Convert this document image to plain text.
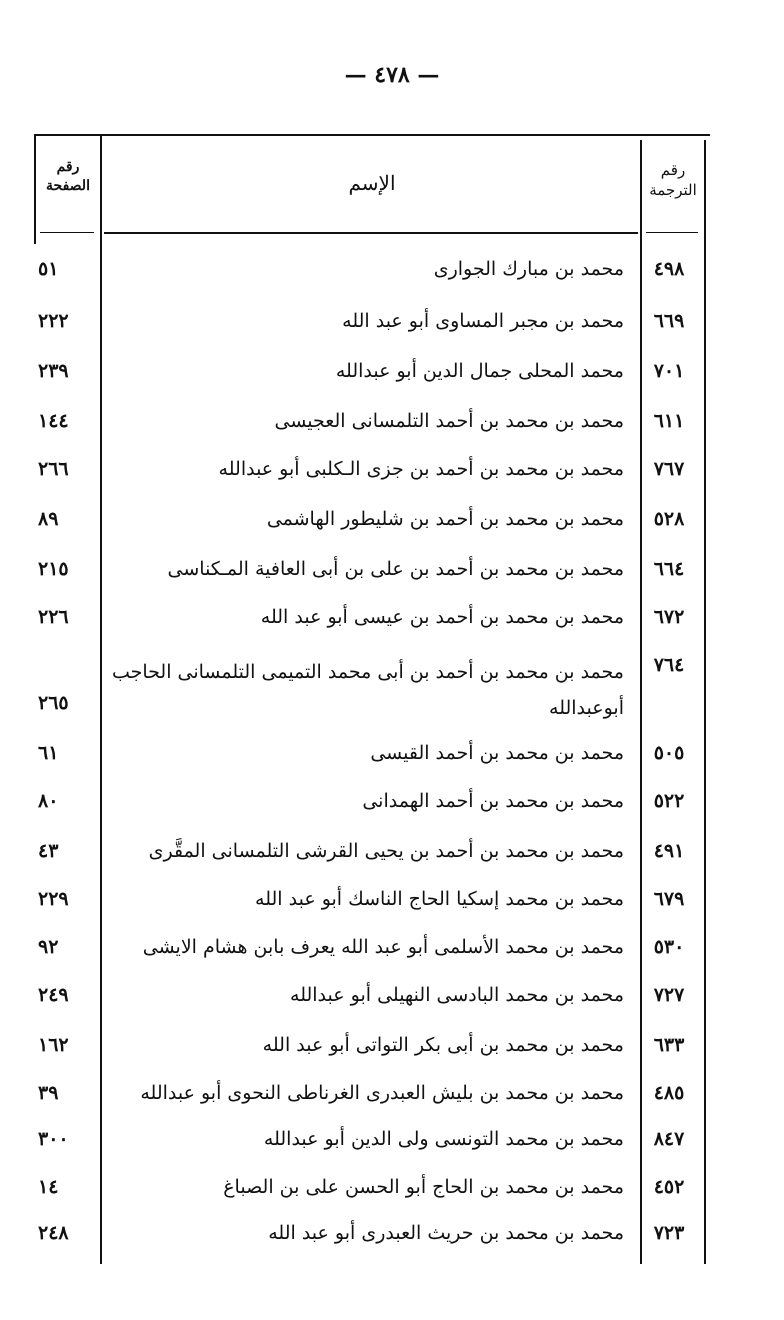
— ٤٧٨ —
رقم
الترجمة
الإسم
رقم
الصفحة
٤٩٨
محمد بن مبارك الجوارى
٥١
٦٦٩
محمد بن مجبر المساوى أبو عبد الله
٢٢٢
٧٠١
محمد المحلى جمال الدين أبو عبدالله
٢٣٩
٦١١
محمد بن محمد بن أحمد التلمسانى العجيسى
١٤٤
٧٦٧
محمد بن محمد بن أحمد بن جزى الـكلبى أبو عبدالله
٢٦٦
٥٢٨
محمد بن محمد بن أحمد بن شليطور الهاشمى
٨٩
٦٦٤
محمد بن محمد بن أحمد بن على بن أبى العافية المـكناسى
٢١٥
٦٧٢
محمد بن محمد بن أحمد بن عيسى أبو عبد الله
٢٢٦
٧٦٤
محمد بن محمد بن أحمد بن أبى محمد التميمى التلمسانى الحاجب
أبوعبدالله
٢٦٥
٥٠٥
محمد بن محمد بن أحمد القيسى
٦١
٥٢٢
محمد بن محمد بن أحمد الهمدانى
٨٠
٤٩١
محمد بن محمد بن أحمد بن يحيى القرشى التلمسانى المقَّرى
٤٣
٦٧٩
محمد بن محمد إسكيا الحاج الناسك أبو عبد الله
٢٢٩
٥٣٠
محمد بن محمد الأسلمى أبو عبد الله يعرف بابن هشام الايشى
٩٢
٧٢٧
محمد بن محمد البادسى النهيلى أبو عبدالله
٢٤٩
٦٣٣
محمد بن محمد بن أبى بكر التواتى أبو عبد الله
١٦٢
٤٨٥
محمد بن محمد بن بليش العبدرى الغرناطى النحوى أبو عبدالله
٣٩
٨٤٧
محمد بن محمد التونسى ولى الدين أبو عبدالله
٣٠٠
٤٥٢
محمد بن محمد بن الحاج أبو الحسن على بن الصباغ
١٤
٧٢٣
محمد بن محمد بن حريث العبدرى أبو عبد الله
٢٤٨
